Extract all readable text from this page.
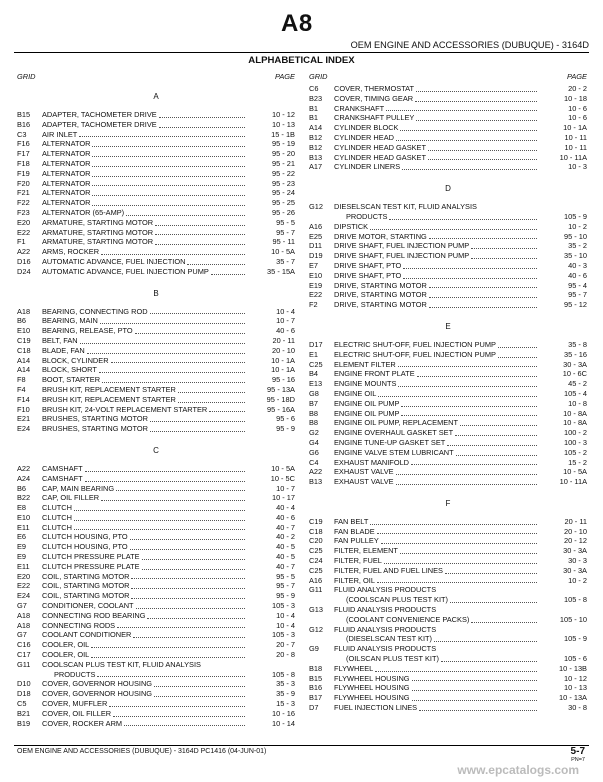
A8
OEM ENGINE AND ACCESSORIES (DUBUQUE) - 3164D
ALPHABETICAL INDEX
GRID	PAGE
A
B15	ADAPTER, TACHOMETER DRIVE	10 - 12
B16	ADAPTER, TACHOMETER DRIVE	10 - 13
C3	AIR INLET	15 - 1B
F16	ALTERNATOR	95 - 19
F17	ALTERNATOR	95 - 20
F18	ALTERNATOR	95 - 21
F19	ALTERNATOR	95 - 22
F20	ALTERNATOR	95 - 23
F21	ALTERNATOR	95 - 24
F22	ALTERNATOR	95 - 25
F23	ALTERNATOR (65-AMP)	95 - 26
E20	ARMATURE, STARTING MOTOR	95 - 5
E22	ARMATURE, STARTING MOTOR	95 - 7
F1	ARMATURE, STARTING MOTOR	95 - 11
A22	ARMS, ROCKER	10 - 5A
D16	AUTOMATIC ADVANCE, FUEL INJECTION	35 - 7
D24	AUTOMATIC ADVANCE, FUEL INJECTION PUMP	35 - 15A
B
A18	BEARING, CONNECTING ROD	10 - 4
B6	BEARING, MAIN	10 - 7
E10	BEARING, RELEASE, PTO	40 - 6
C19	BELT, FAN	20 - 11
C18	BLADE, FAN	20 - 10
A14	BLOCK, CYLINDER	10 - 1A
A14	BLOCK, SHORT	10 - 1A
F8	BOOT, STARTER	95 - 16
F4	BRUSH KIT, REPLACEMENT STARTER	95 - 13A
F14	BRUSH KIT, REPLACEMENT STARTER	95 - 18D
F10	BRUSH KIT, 24-VOLT REPLACEMENT STARTER	95 - 16A
E21	BRUSHES, STARTING MOTOR	95 - 6
E24	BRUSHES, STARTING MOTOR	95 - 9
C
A22	CAMSHAFT	10 - 5A
A24	CAMSHAFT	10 - 5C
B6	CAP, MAIN BEARING	10 - 7
B22	CAP, OIL FILLER	10 - 17
E8	CLUTCH	40 - 4
E10	CLUTCH	40 - 6
E11	CLUTCH	40 - 7
E6	CLUTCH HOUSING, PTO	40 - 2
E9	CLUTCH HOUSING, PTO	40 - 5
E9	CLUTCH PRESSURE PLATE	40 - 5
E11	CLUTCH PRESSURE PLATE	40 - 7
E20	COIL, STARTING MOTOR	95 - 5
E22	COIL, STARTING MOTOR	95 - 7
E24	COIL, STARTING MOTOR	95 - 9
G7	CONDITIONER, COOLANT	105 - 3
A18	CONNECTING ROD BEARING	10 - 4
A18	CONNECTING RODS	10 - 4
G7	COOLANT CONDITIONER	105 - 3
C16	COOLER, OIL	20 - 7
C17	COOLER, OIL	20 - 8
G11	COOLSCAN PLUS TEST KIT, FLUID ANALYSIS
PRODUCTS	105 - 8
D10	COVER, GOVERNOR HOUSING	35 - 3
D18	COVER, GOVERNOR HOUSING	35 - 9
C5	COVER, MUFFLER	15 - 3
B21	COVER, OIL FILLER	10 - 16
B19	COVER, ROCKER ARM	10 - 14
GRID	PAGE
C6	COVER, THERMOSTAT	20 - 2
B23	COVER, TIMING GEAR	10 - 18
B1	CRANKSHAFT	10 - 6
B1	CRANKSHAFT PULLEY	10 - 6
A14	CYLINDER BLOCK	10 - 1A
B12	CYLINDER HEAD	10 - 11
B12	CYLINDER HEAD GASKET	10 - 11
B13	CYLINDER HEAD GASKET	10 - 11A
A17	CYLINDER LINERS	10 - 3
D
G12	DIESELSCAN TEST KIT, FLUID ANALYSIS
PRODUCTS	105 - 9
A16	DIPSTICK	10 - 2
E25	DRIVE MOTOR, STARTING	95 - 10
D11	DRIVE SHAFT, FUEL INJECTION PUMP	35 - 2
D19	DRIVE SHAFT, FUEL INJECTION PUMP	35 - 10
E7	DRIVE SHAFT, PTO	40 - 3
E10	DRIVE SHAFT, PTO	40 - 6
E19	DRIVE, STARTING MOTOR	95 - 4
E22	DRIVE, STARTING MOTOR	95 - 7
F2	DRIVE, STARTING MOTOR	95 - 12
E
D17	ELECTRIC SHUT-OFF, FUEL INJECTION PUMP	35 - 8
E1	ELECTRIC SHUT-OFF, FUEL INJECTION PUMP	35 - 16
C25	ELEMENT FILTER	30 - 3A
B4	ENGINE FRONT PLATE	10 - 6C
E13	ENGINE MOUNTS	45 - 2
G8	ENGINE OIL	105 - 4
B7	ENGINE OIL PUMP	10 - 8
B8	ENGINE OIL PUMP	10 - 8A
B8	ENGINE OIL PUMP, REPLACEMENT	10 - 8A
G2	ENGINE OVERHAUL GASKET SET	100 - 2
G4	ENGINE TUNE-UP GASKET SET	100 - 3
G6	ENGINE VALVE STEM LUBRICANT	105 - 2
C4	EXHAUST MANIFOLD	15 - 2
A22	EXHAUST VALVE	10 - 5A
B13	EXHAUST VALVE	10 - 11A
F
C19	FAN BELT	20 - 11
C18	FAN BLADE	20 - 10
C20	FAN PULLEY	20 - 12
C25	FILTER, ELEMENT	30 - 3A
C24	FILTER, FUEL	30 - 3
C25	FILTER, FUEL AND FUEL LINES	30 - 3A
A16	FILTER, OIL	10 - 2
G11	FLUID ANALYSIS PRODUCTS
(COOLSCAN PLUS TEST KIT)	105 - 8
G13	FLUID ANALYSIS PRODUCTS
(COOLANT CONVENIENCE PACKS)	105 - 10
G12	FLUID ANALYSIS PRODUCTS
(DIESELSCAN TEST KIT)	105 - 9
G9	FLUID ANALYSIS PRODUCTS
(OILSCAN PLUS TEST KIT)	105 - 6
B18	FLYWHEEL	10 - 13B
B15	FLYWHEEL HOUSING	10 - 12
B16	FLYWHEEL HOUSING	10 - 13
B17	FLYWHEEL HOUSING	10 - 13A
D7	FUEL INJECTION LINES	30 - 8
OEM ENGINE AND ACCESSORIES (DUBUQUE) - 3164D PC1416 (04-JUN-01)	5-7
PN=7
www.epcatalogs.com
